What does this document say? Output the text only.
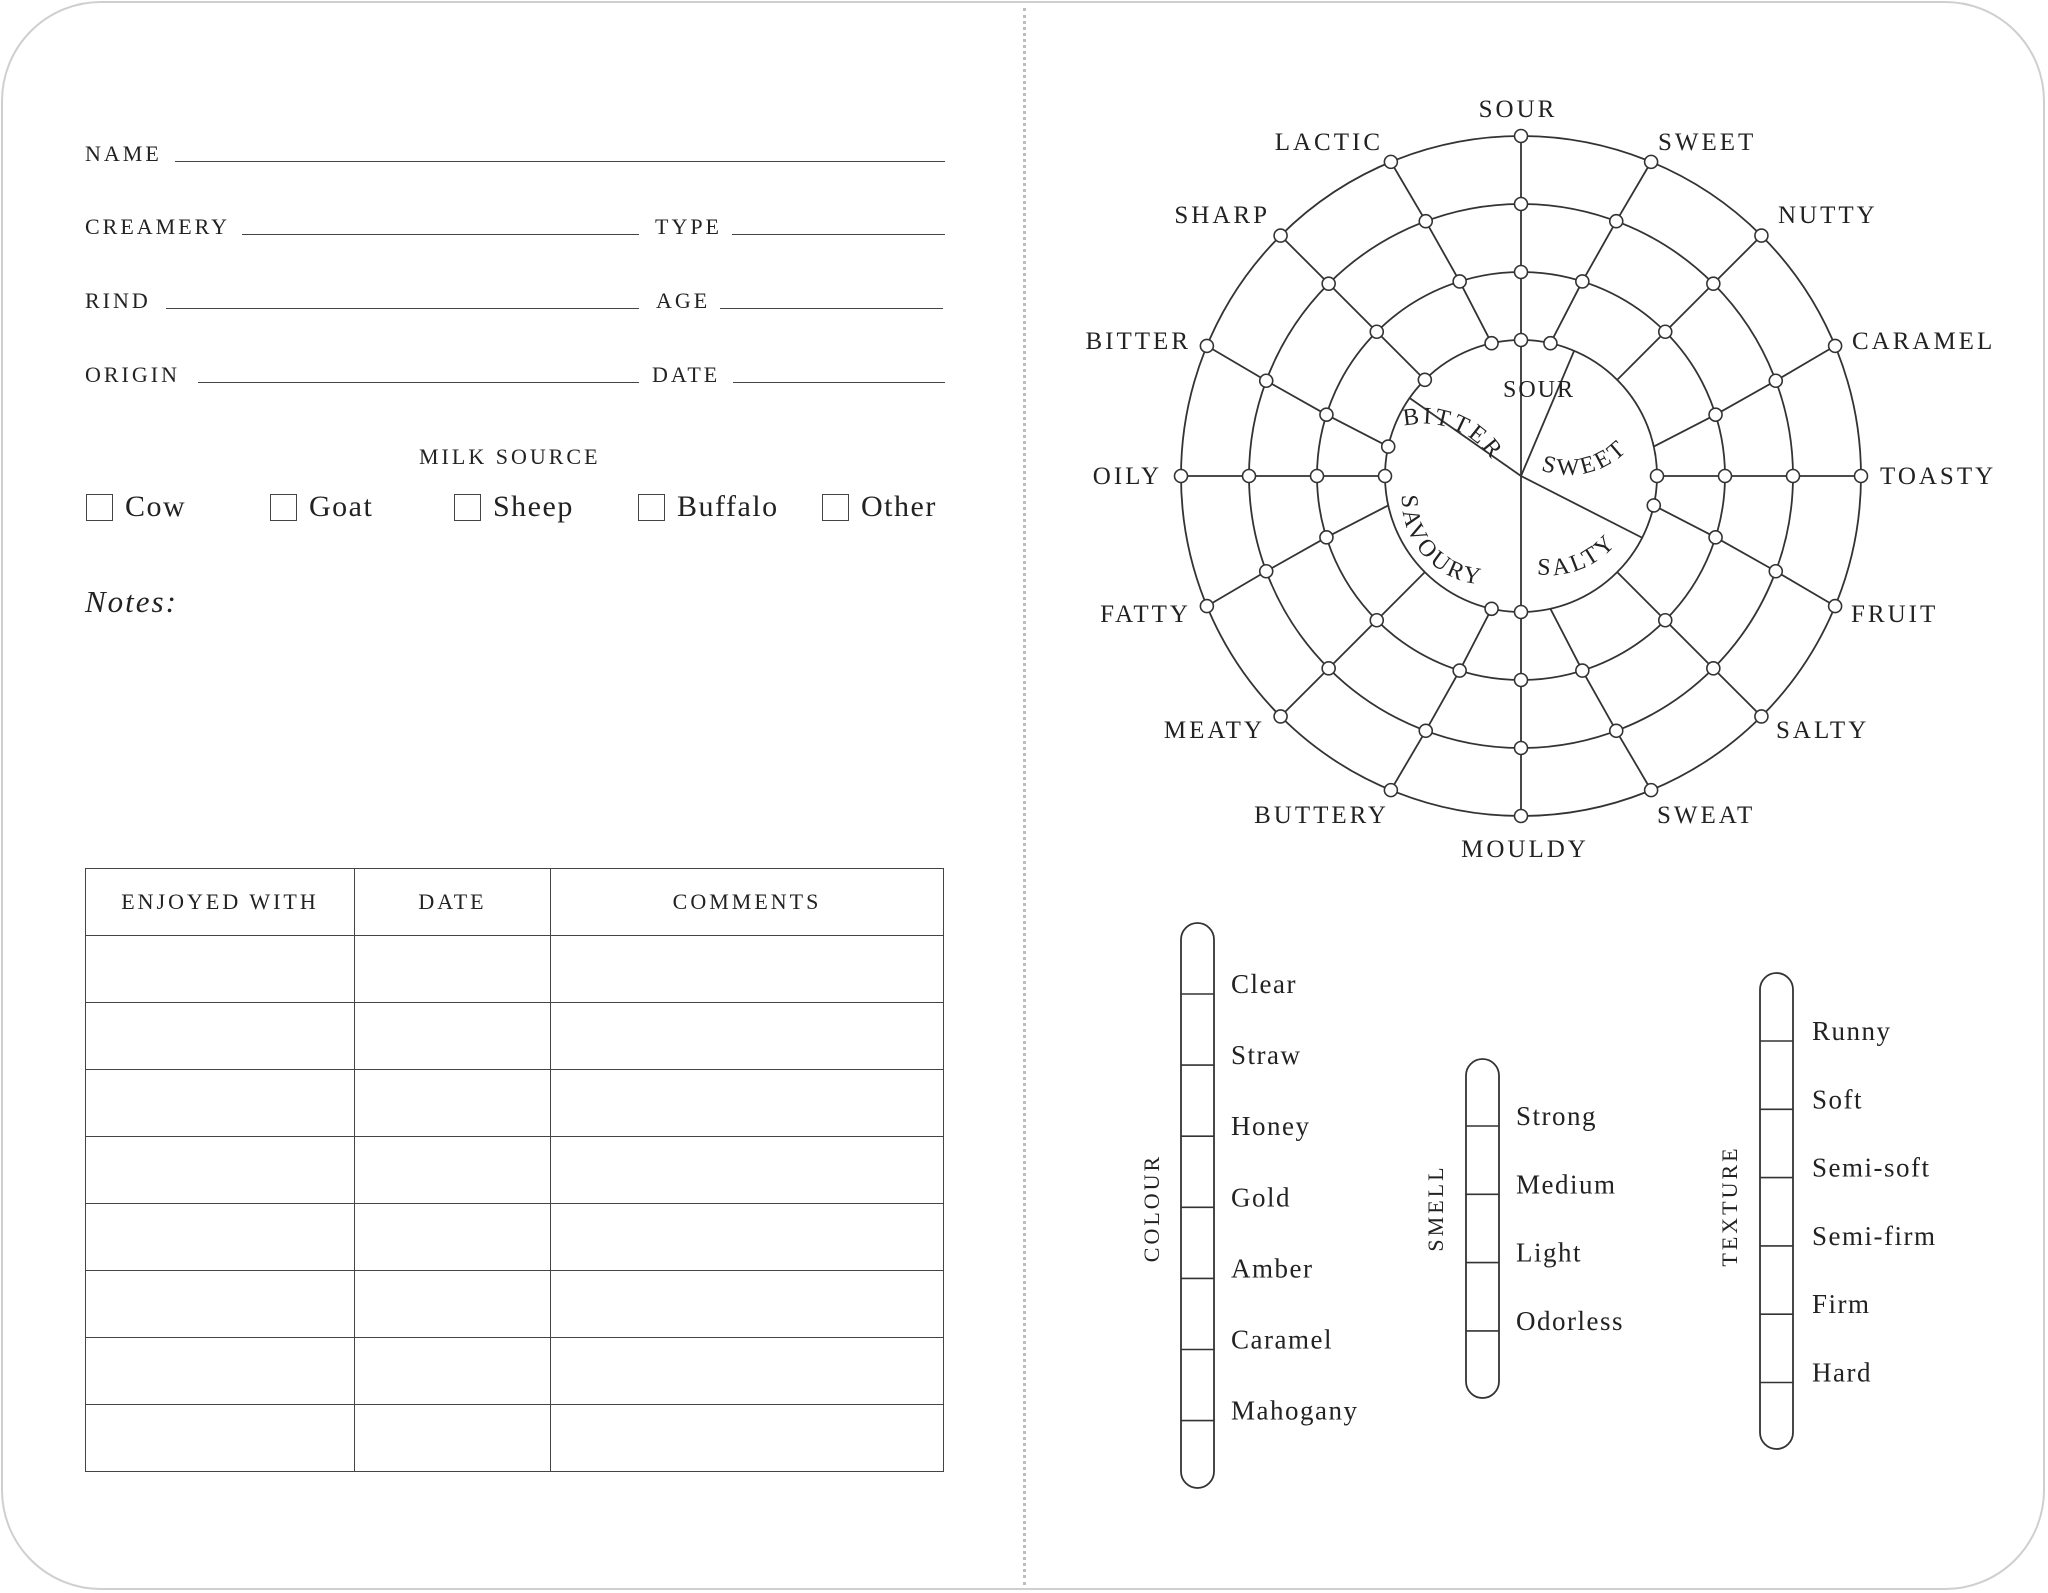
NAME
CREAMERY	TYPE
RIND	AGE
ORIGIN	DATE
MILK SOURCE
Cow	Goat	Sheep	Buffalo	Other
Notes:
ENJOYED WITH	DATE	COMMENTS

SOUR
SWEET
NUTTY
CARAMEL
TOASTY
FRUIT
SALTY
SWEAT
MOULDY
BUTTERY
MEATY
FATTY
OILY
BITTER
SHARP
LACTIC
SOUR
SWEET
SALTY
SAVOURY
BITTER
COLOUR
Clear
Straw
Honey
Gold
Amber
Caramel
Mahogany
SMELL
Strong
Medium
Light
Odorless
TEXTURE
Runny
Soft
Semi-soft
Semi-firm
Firm
Hard
